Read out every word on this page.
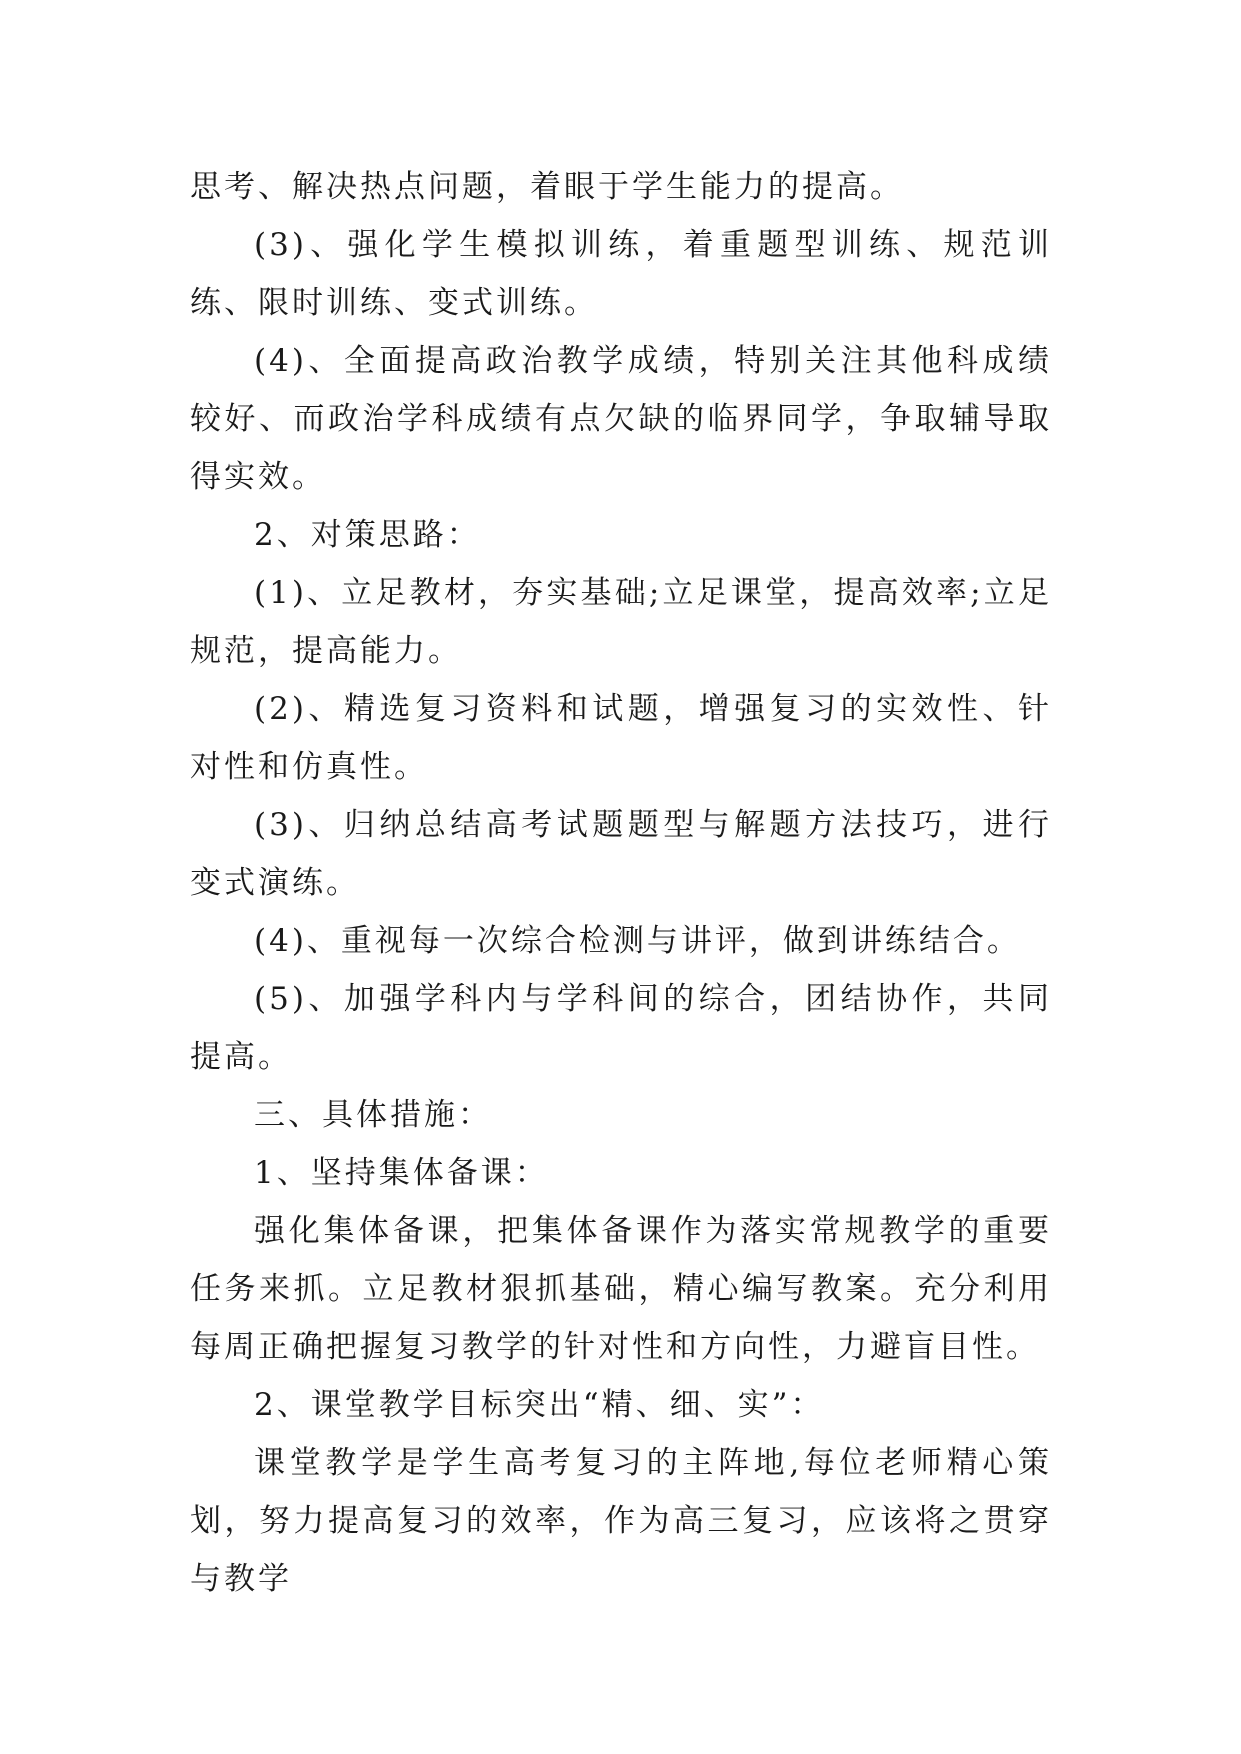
思考、解决热点问题，着眼于学生能力的提高。

(3)、强化学生模拟训练，着重题型训练、规范训练、限时训练、变式训练。

(4)、全面提高政治教学成绩，特别关注其他科成绩较好、而政治学科成绩有点欠缺的临界同学，争取辅导取得实效。

2、对策思路：

(1)、立足教材，夯实基础;立足课堂，提高效率;立足规范，提高能力。

(2)、精选复习资料和试题，增强复习的实效性、针对性和仿真性。

(3)、归纳总结高考试题题型与解题方法技巧，进行变式演练。

(4)、重视每一次综合检测与讲评，做到讲练结合。

(5)、加强学科内与学科间的综合，团结协作，共同提高。

三、具体措施：

1、坚持集体备课：

强化集体备课，把集体备课作为落实常规教学的重要任务来抓。立足教材狠抓基础，精心编写教案。充分利用每周正确把握复习教学的针对性和方向性，力避盲目性。

2、课堂教学目标突出“精、细、实”：

课堂教学是学生高考复习的主阵地,每位老师精心策划，努力提高复习的效率，作为高三复习，应该将之贯穿与教学
